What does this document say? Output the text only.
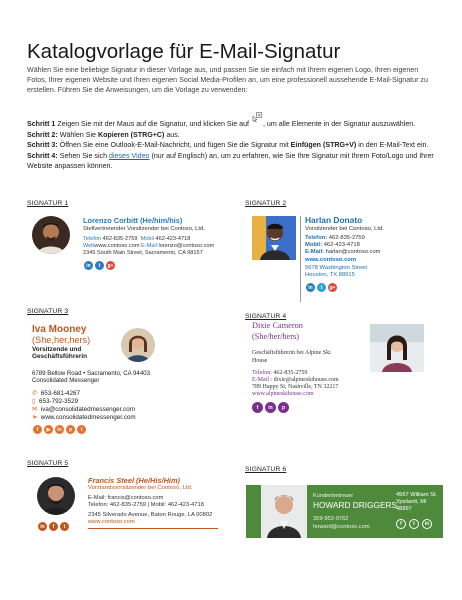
Katalogvorlage für E-Mail-Signatur
Wählen Sie eine beliebige Signatur in dieser Vorlage aus, und passen Sie sie einfach mit Ihrem eigenen Logo, Ihren eigenen Fotos, Ihrer eigenen Website und Ihren eigenen Social Media-Profilen an, um eine professionell aussehende E-Mail-Signatur zu erstellen. Führen Sie die Anweisungen, um die Vorlage zu verwenden:

Schritt 1 Zeigen Sie mit der Maus auf die Signatur, und klicken Sie auf , um alle Elemente in der Signatur auszuwählen.

Schritt 2: Wählen Sie Kopieren (STRG+C) aus.

Schritt 3: Öffnen Sie eine Outlook-E-Mail-Nachricht, und fügen Sie die Signatur mit Einfügen (STRG+V) in den E-Mail-Text ein.

Schritt 4: Sehen Sie sich dieses Video (nur auf Englisch) an, um zu erfahren, wie Sie Ihre Signatur mit Ihrem Foto/Logo und Ihrer Website anpassen können.

SIGNATUR 1
Lorenzo Corbitt (He/him/his)
Stellvertretender Vorsitzender bei Contoso, Ltd.
Telefon 462-835-2759 Mobil 462-423-4718
Webwww.contoso.com E-Mail lorenzo@contoso.com
2345 South Main Street, Sacramento, CA 98157
in	t	g+
SIGNATUR 2
Harlan Donato
Vorsitzender bei Contoso, Ltd.
Telefon: 462-835-2759
Mobil: 462-423-4718
E-Mail: harlan@contoso.com
www.contoso.com
5678 Washington Street
Houston, TX 88915
in	t	g+
SIGNATUR 3
Iva Mooney
(She,her,hers)
Vorsitzende und
Geschäftsführerin
6789 Bellow Road • Sacramento, CA 94403
Consolidated Messenger
✆ 653-681-4267
▯ 653-792-3529
✉ iva@consolidatedmessenger.com
➤ www.consolidatedmessenger.com
f	▶	in	p	t
SIGNATUR 4
Dixie Cameron
(She/her/hers)
Geschäftsführerin bei Alpine Ski
House
Telefon: 462-835-2759
E-Mail : dixie@alpineskihouse.com
789 Happy St, Nashville, TN 32217
www.alpineskihouse.com
f	in	p
SIGNATUR 5
Francis Steel (He/His/Him)
Vorstandsvorsitzender bei Contoso, Ltd.
E-Mail: francis@contoso.com
Telefon: 462-835-2759 | Mobil: 462-423-4718
2345 Silverado Avenue, Baton Rouge, LA 00802
www.contoso.com
in	f	t
SIGNATUR 6
Kundenbetreuer
HOWARD DRIGGERS
359-952-9762
howard@contoso.com
4567 William St.
Ypsilanti, MI
48897
f	t	in
